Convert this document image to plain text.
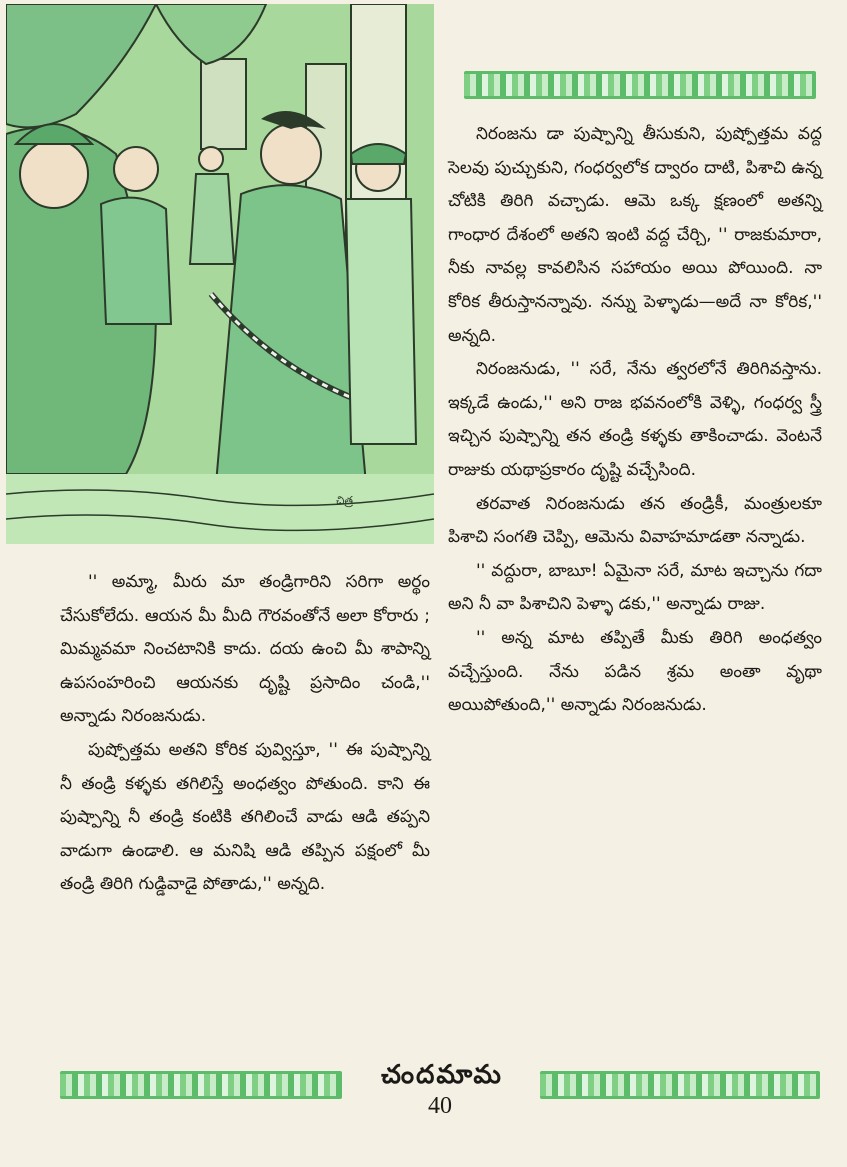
చిత్ర

నిరంజను డా పుష్పాన్ని తీసుకుని, పుష్పోత్తమ వద్ద సెలవు పుచ్చుకుని, గంధర్వలోక ద్వారం దాటి, పిశాచి ఉన్న చోటికి తిరిగి వచ్చాడు. ఆమె ఒక్క క్షణంలో అతన్ని గాంధార దేశంలో అతని ఇంటి వద్ద చేర్చి, '' రాజకుమారా, నీకు నావల్ల కావలిసిన సహాయం అయి పోయింది. నా కోరిక తీరుస్తానన్నావు. నన్ను పెళ్ళాడు—అదే నా కోరిక,'' అన్నది.

నిరంజనుడు, '' సరే, నేను త్వరలోనే తిరిగివస్తాను. ఇక్కడే ఉండు,'' అని రాజ భవనంలోకి వెళ్ళి, గంధర్వ స్త్రీ ఇచ్చిన పుష్పాన్ని తన తండ్రి కళ్ళకు తాకించాడు. వెంటనే రాజుకు యథాప్రకారం దృష్టి వచ్చేసింది.

తరవాత నిరంజనుడు తన తండ్రికీ, మంత్రులకూ పిశాచి సంగతి చెప్పి, ఆమెను వివాహమాడతా నన్నాడు.

'' వద్దురా, బాబూ! ఏమైనా సరే, మాట ఇచ్చాను గదా అని నీ వా పిశాచిని పెళ్ళా డకు,'' అన్నాడు రాజు.

'' అన్న మాట తప్పితే మీకు తిరిగి అంధత్వం వచ్చేస్తుంది. నేను పడిన శ్రమ అంతా వృథా అయిపోతుంది,'' అన్నాడు నిరంజనుడు.

'' అమ్మా, మీరు మా తండ్రిగారిని సరిగా అర్థం చేసుకోలేదు. ఆయన మీ మీది గౌరవంతోనే అలా కోరారు ; మిమ్మవమా నించటానికి కాదు. దయ ఉంచి మీ శాపాన్ని ఉపసంహరించి ఆయనకు దృష్టి ప్రసాదిం చండి,'' అన్నాడు నిరంజనుడు.

పుష్పోత్తమ అతని కోరిక పువ్విస్తూ, '' ఈ పుష్పాన్ని నీ తండ్రి కళ్ళకు తగిలిస్తే అంధత్వం పోతుంది. కాని ఈ పుష్పాన్ని నీ తండ్రి కంటికి తగిలించే వాడు ఆడి తప్పని వాడుగా ఉండాలి. ఆ మనిషి ఆడి తప్పిన పక్షంలో మీ తండ్రి తిరిగి గుడ్డివాడై పోతాడు,'' అన్నది.

చందమామ
40
